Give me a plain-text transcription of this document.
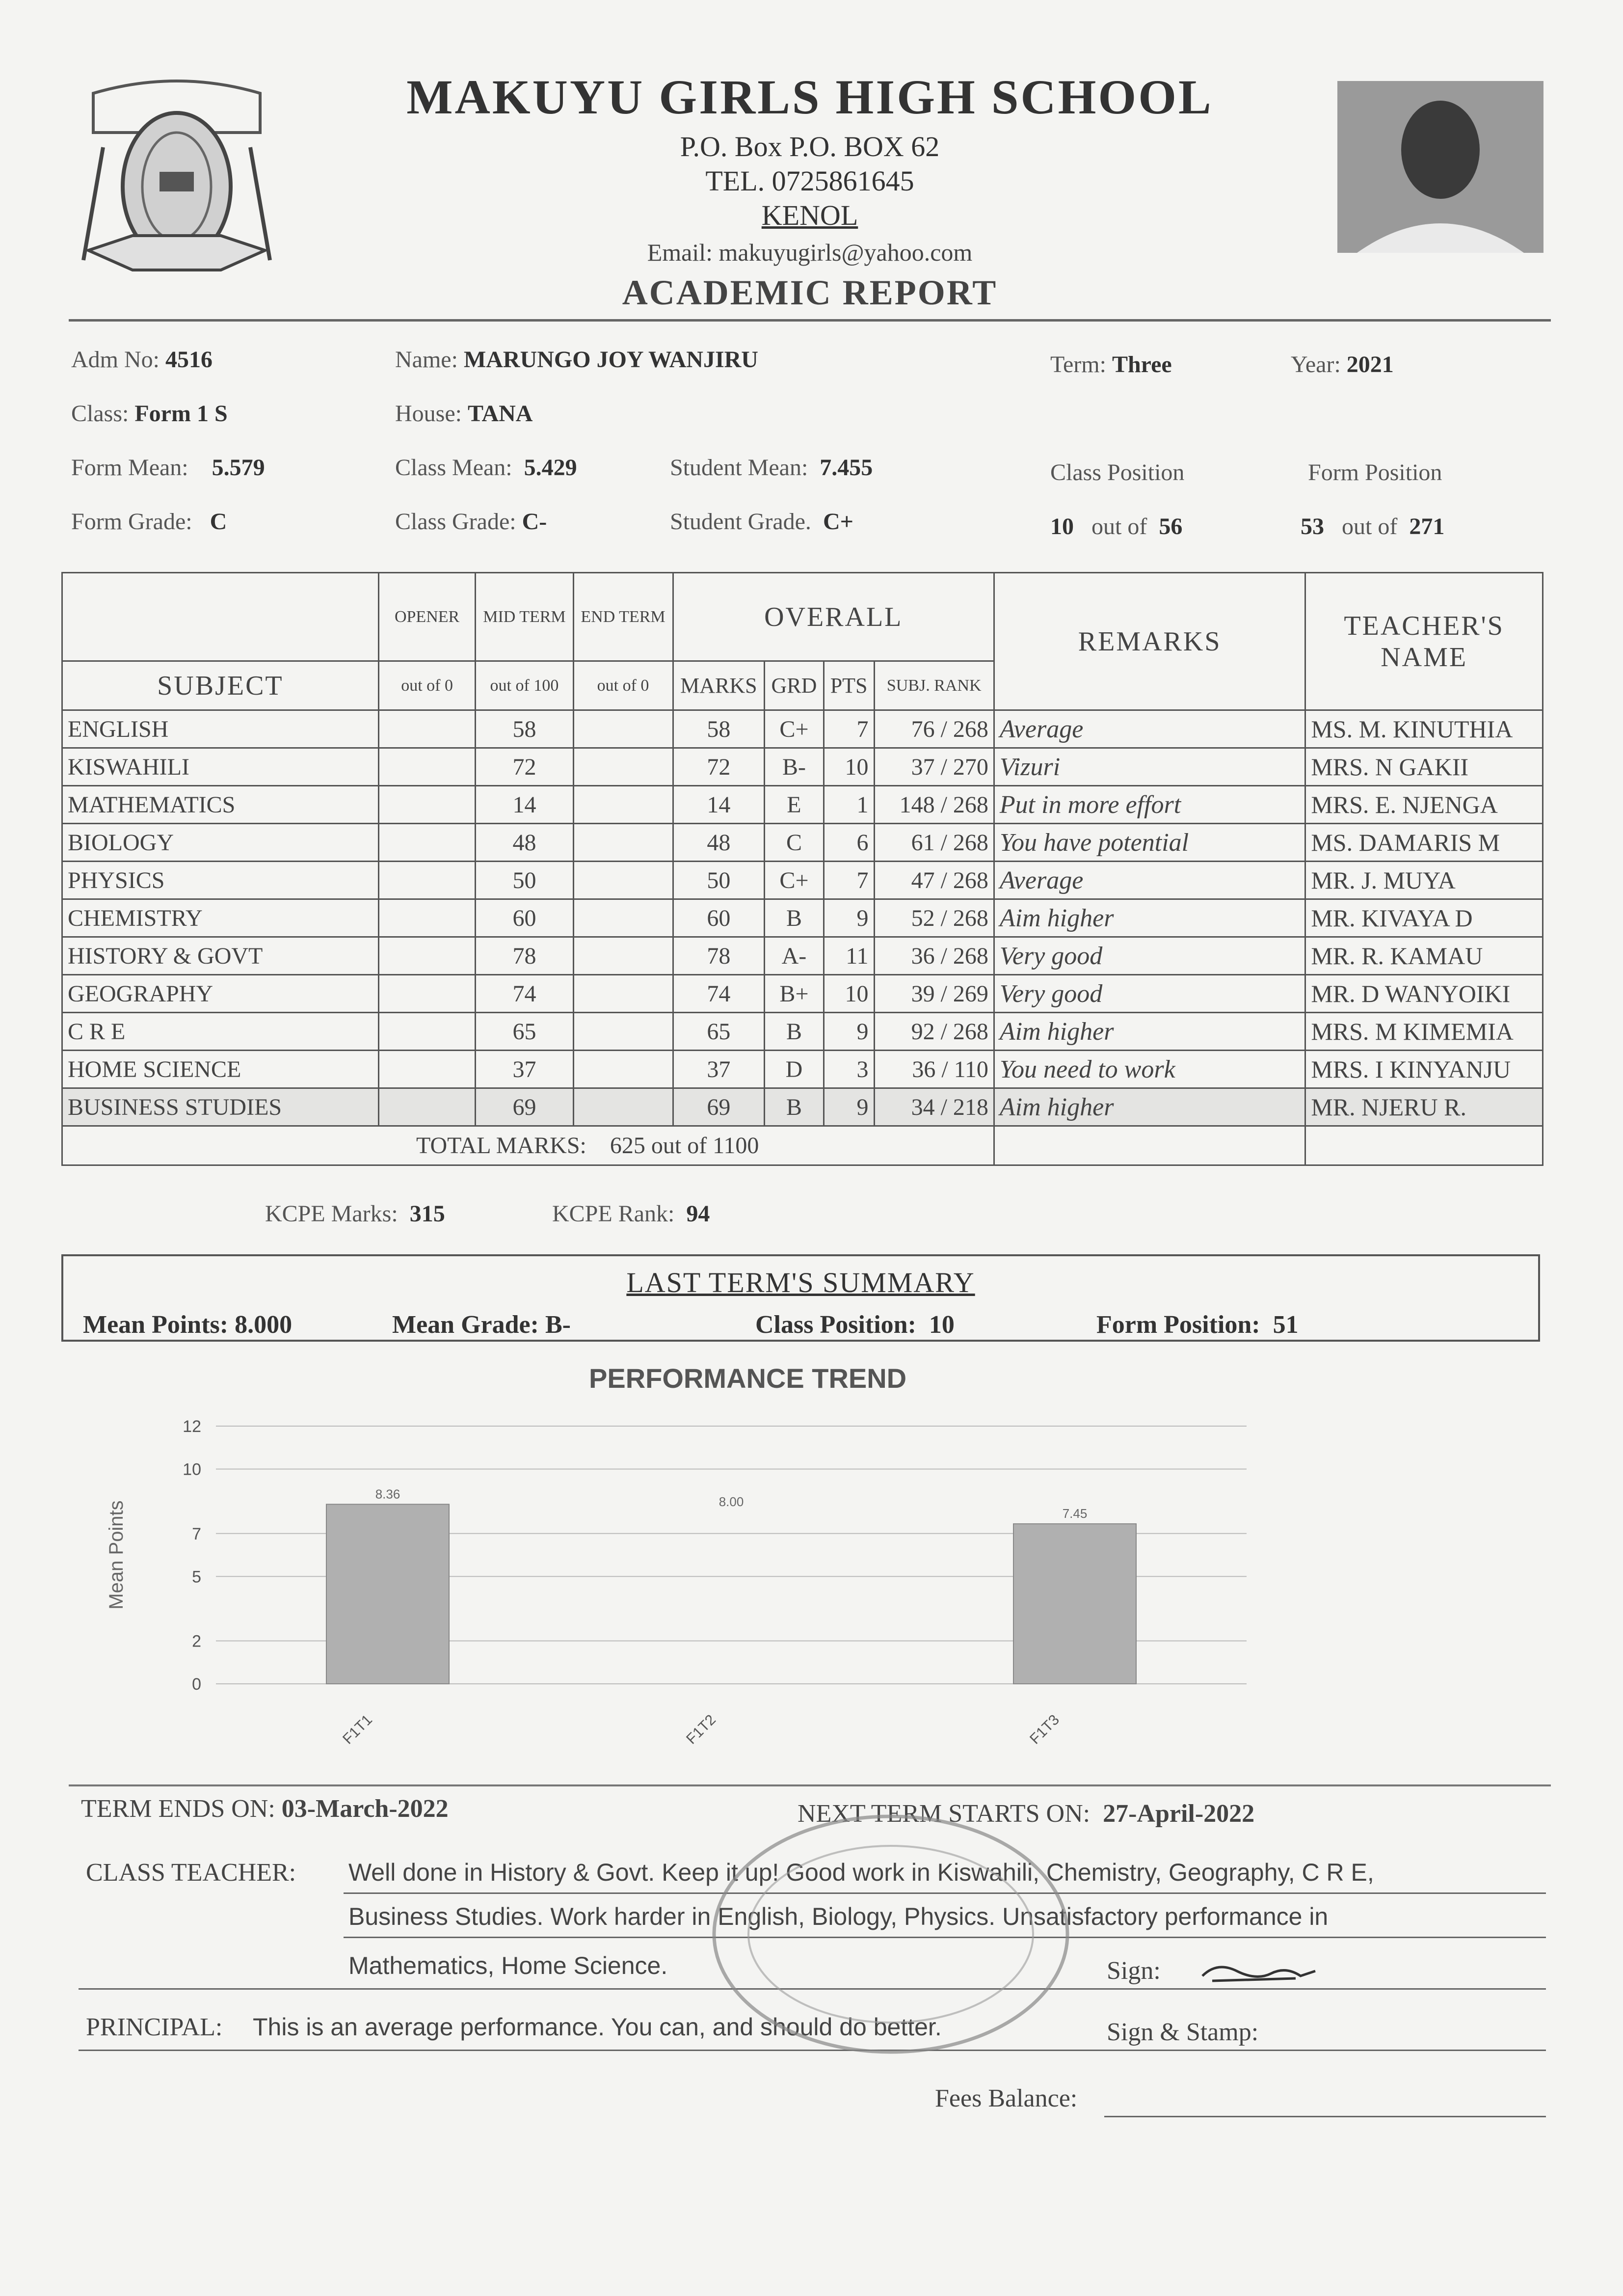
MAKUYU GIRLS HIGH SCHOOL
P.O. Box P.O. BOX 62
TEL. 0725861645
KENOL
Email: makuyugirls@yahoo.com
ACADEMIC REPORT
Adm No: 4516	Name: MARUNGO JOY WANJIRU	Term: Three	Year: 2021
Class: Form 1 S	House: TANA
Form Mean: 5.579	Class Mean: 5.429	Student Mean: 7.455	Class Position	Form Position
Form Grade: C	Class Grade: C-	Student Grade. C+	10 out of 56	53 out of 271
	OPENER	MID TERM	END TERM	OVERALL				REMARKS	TEACHER'S NAME
SUBJECT	out of 0	out of 100	out of 0	MARKS	GRD	PTS	SUBJ. RANK		
ENGLISH		58		58	C+	7	76 / 268	Average	MS. M. KINUTHIA
KISWAHILI		72		72	B-	10	37 / 270	Vizuri	MRS. N GAKII
MATHEMATICS		14		14	E	1	148 / 268	Put in more effort	MRS. E. NJENGA
BIOLOGY		48		48	C	6	61 / 268	You have potential	MS. DAMARIS M
PHYSICS		50		50	C+	7	47 / 268	Average	MR. J. MUYA
CHEMISTRY		60		60	B	9	52 / 268	Aim higher	MR. KIVAYA D
HISTORY & GOVT		78		78	A-	11	36 / 268	Very good	MR. R. KAMAU
GEOGRAPHY		74		74	B+	10	39 / 269	Very good	MR. D WANYOIKI
C R E		65		65	B	9	92 / 268	Aim higher	MRS. M KIMEMIA
HOME SCIENCE		37		37	D	3	36 / 110	You need to work	MRS. I KINYANJU
BUSINESS STUDIES		69		69	B	9	34 / 218	Aim higher	MR. NJERU R.
TOTAL MARKS: 625 out of 1100									
KCPE Marks: 315	KCPE Rank: 94
LAST TERM'S SUMMARY
Mean Points: 8.000	Mean Grade: B-	Class Position: 10	Form Position: 51
PERFORMANCE TREND
0
2
5
7
10
12
Mean Points
8.36
F1T1
8.00
F1T2
7.45
F1T3
TERM ENDS ON: 03-March-2022	NEXT TERM STARTS ON: 27-April-2022
CLASS TEACHER: Well done in History & Govt. Keep it up! Good work in Kiswahili, Chemistry, Geography, C R E,
Business Studies. Work harder in English, Biology, Physics. Unsatisfactory performance in
Mathematics, Home Science.	Sign:
PRINCIPAL: This is an average performance. You can, and should do better.	Sign & Stamp:
Fees Balance:
